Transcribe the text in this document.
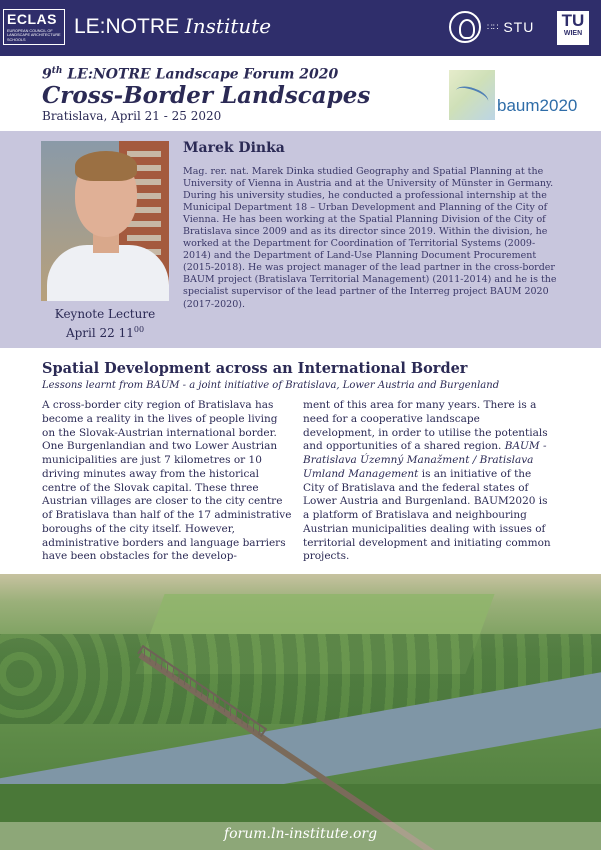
ECLAS
EUROPEAN COUNCIL OF LANDSCAPE ARCHITECTURE SCHOOLS
LE:NOTRE Institute	∷∷ STU TU
WIEN
9th LE:NOTRE Landscape Forum 2020
Cross-Border Landscapes
Bratislava, April 21 - 25 2020
baum2020
Keynote Lecture
April 22 $11^{00}$
Marek Dinka
Mag. rer. nat. Marek Dinka studied Geography and Spatial Planning at the University of Vienna in Austria and at the University of Münster in Germany. During his university studies, he conducted a professional internship at the Municipal Department 18 – Urban Development and Planning of the City of Vienna. He has been working at the Spatial Planning Division of the City of Bratislava since 2009 and as its director since 2019. Within the division, he worked at the Department for Coordination of Territorial Systems (2009-2014) and the Department of Land-Use Planning Document Procurement (2015-2018). He was project manager of the lead partner in the cross-border BAUM project (Bratislava Territorial Management) (2011-2014) and he is the specialist supervisor of the lead partner of the Interreg project BAUM 2020 (2017-2020).
Spatial Development across an International Border
Lessons learnt from BAUM - a joint initiative of Bratislava, Lower Austria and Burgenland
A cross-border city region of Bratislava has become a reality in the lives of people living on the Slovak-Austrian international border. One Burgenlandian and two Lower Austrian municipalities are just 7 kilometres or 10 driving minutes away from the historical centre of the Slovak capital. These three Austrian villages are closer to the city centre of Bratislava than half of the 17 administrative boroughs of the city itself. However, administrative borders and language barriers have been obstacles for the develop-
ment of this area for many years. There is a need for a cooperative landscape development, in order to utilise the potentials and opportunities of a shared region. BAUM - Bratislava Územný Manažment / Bratislava Umland Management is an initiative of the City of Bratislava and the federal states of Lower Austria and Burgenland. BAUM2020 is a platform of Bratislava and neighbouring Austrian municipalities dealing with issues of territorial development and initiating common projects.
forum.ln-institute.org
